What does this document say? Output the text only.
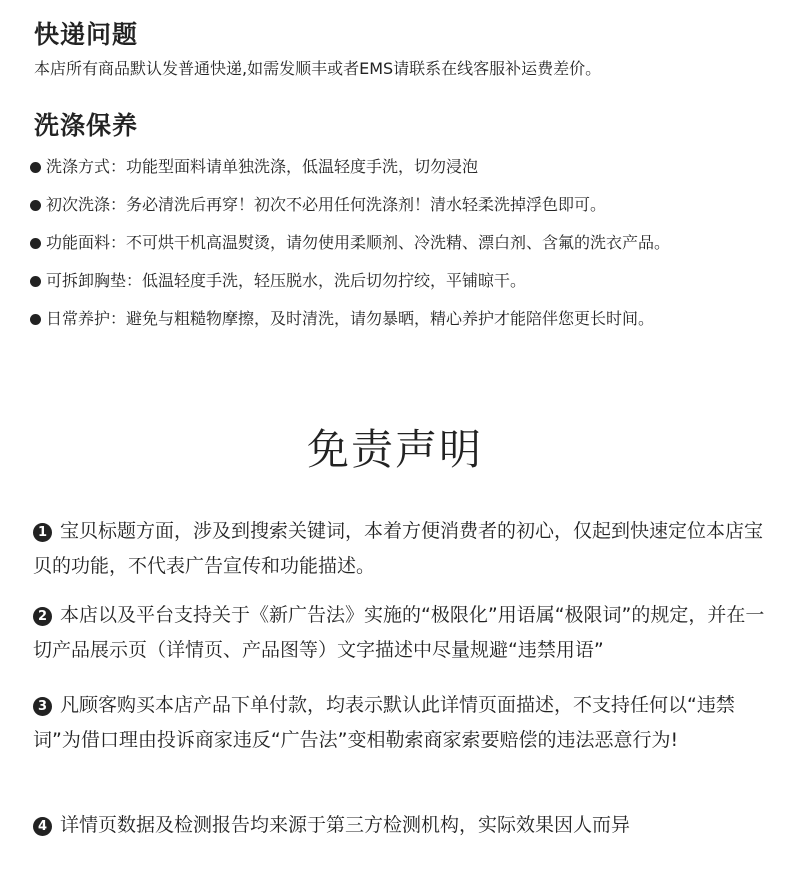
快递问题

本店所有商品默认发普通快递,如需发顺丰或者EMS请联系在线客服补运费差价。

洗涤保养
洗涤方式： 功能型面料请单独洗涤，低温轻度手洗，切勿浸泡
初次洗涤： 务必清洗后再穿！初次不必用任何洗涤剂！清水轻柔洗掉浮色即可。
功能面料： 不可烘干机高温熨烫，请勿使用柔顺剂、冷洗精、漂白剂、含氟的洗衣产品。
可拆卸胸垫： 低温轻度手洗，轻压脱水，洗后切勿拧绞，平铺晾干。
日常养护： 避免与粗糙物摩擦，及时清洗，请勿暴晒，精心养护才能陪伴您更长时间。
免责声明

1 宝贝标题方面，涉及到搜索关键词，本着方便消费者的初心，仅起到快速定位本店宝贝的功能，不代表广告宣传和功能描述。

2 本店以及平台支持关于《新广告法》实施的“极限化”用语属“极限词”的规定，并在一切产品展示页（详情页、产品图等）文字描述中尽量规避“违禁用语”

3 凡顾客购买本店产品下单付款，均表示默认此详情页面描述，不支持任何以“违禁词”为借口理由投诉商家违反“广告法”变相勒索商家索要赔偿的违法恶意行为!

4 详情页数据及检测报告均来源于第三方检测机构，实际效果因人而异
